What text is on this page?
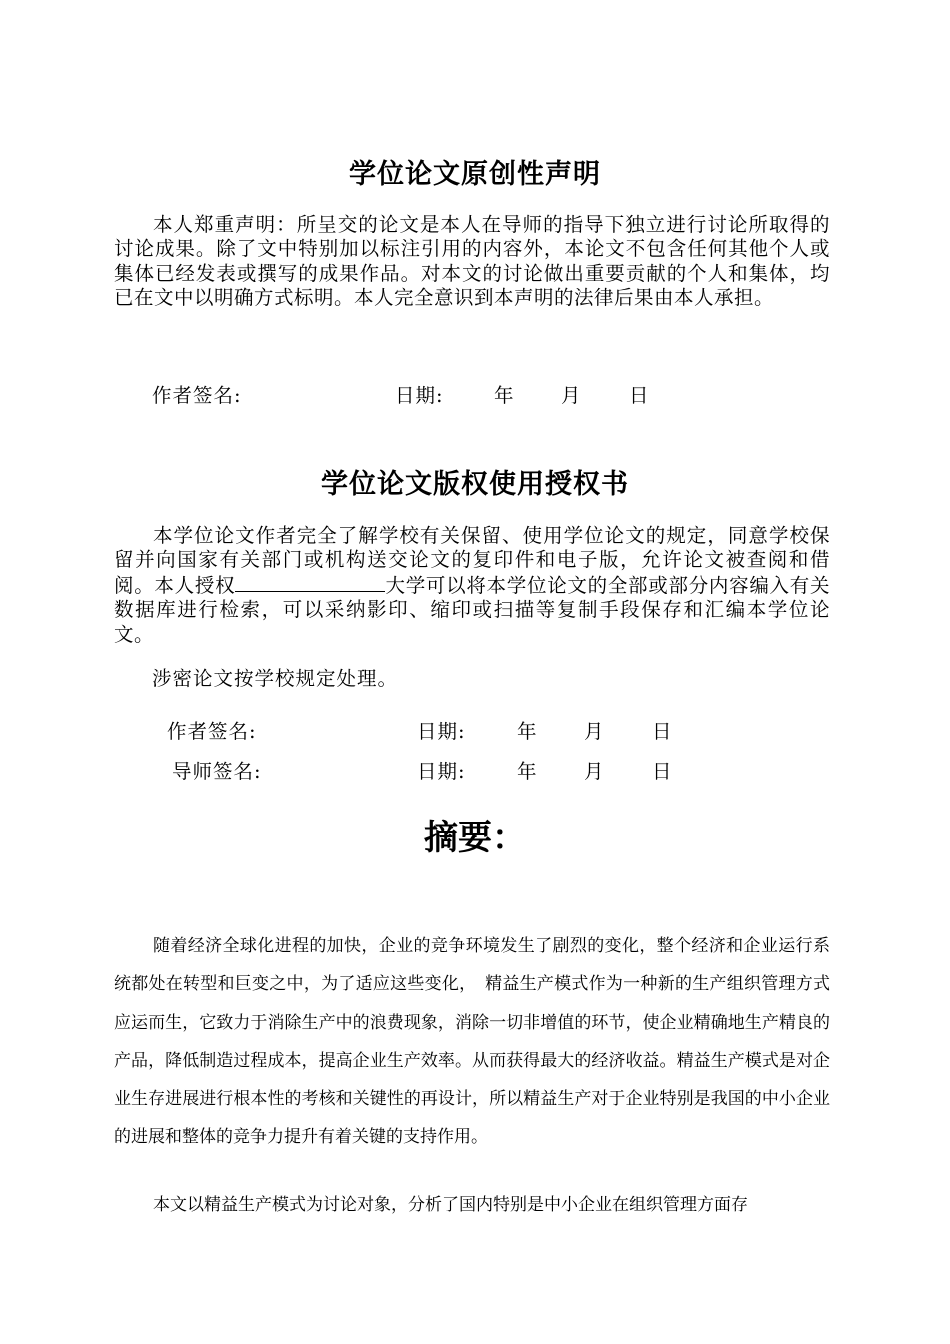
学位论文原创性声明
本人郑重声明：所呈交的论文是本人在导师的指导下独立进行讨论所取得的讨论成果。除了文中特别加以标注引用的内容外，本论文不包含任何其他个人或集体已经发表或撰写的成果作品。对本文的讨论做出重要贡献的个人和集体，均已在文中以明确方式标明。本人完全意识到本声明的法律后果由本人承担。
作者签名:	日期:	年 月 日
学位论文版权使用授权书
本学位论文作者完全了解学校有关保留、使用学位论文的规定，同意学校保留并向国家有关部门或机构送交论文的复印件和电子版，允许论文被查阅和借阅。本人授权	大学可以将本学位论文的全部或部分内容编入有关数据库进行检索，可以采纳影印、缩印或扫描等复制手段保存和汇编本学位论文。
涉密论文按学校规定处理。
作者签名:	日期:	年 月 日
导师签名:	日期:	年 月 日
摘要：
随着经济全球化进程的加快，企业的竞争环境发生了剧烈的变化，整个经济和企业运行系统都处在转型和巨变之中，为了适应这些变化，　精益生产模式作为一种新的生产组织管理方式应运而生，它致力于消除生产中的浪费现象，消除一切非增值的环节，使企业精确地生产精良的产品，降低制造过程成本，提高企业生产效率。从而获得最大的经济收益。精益生产模式是对企业生存进展进行根本性的考核和关键性的再设计，所以精益生产对于企业特别是我国的中小企业的进展和整体的竞争力提升有着关键的支持作用。
本文以精益生产模式为讨论对象，分析了国内特别是中小企业在组织管理方面存
